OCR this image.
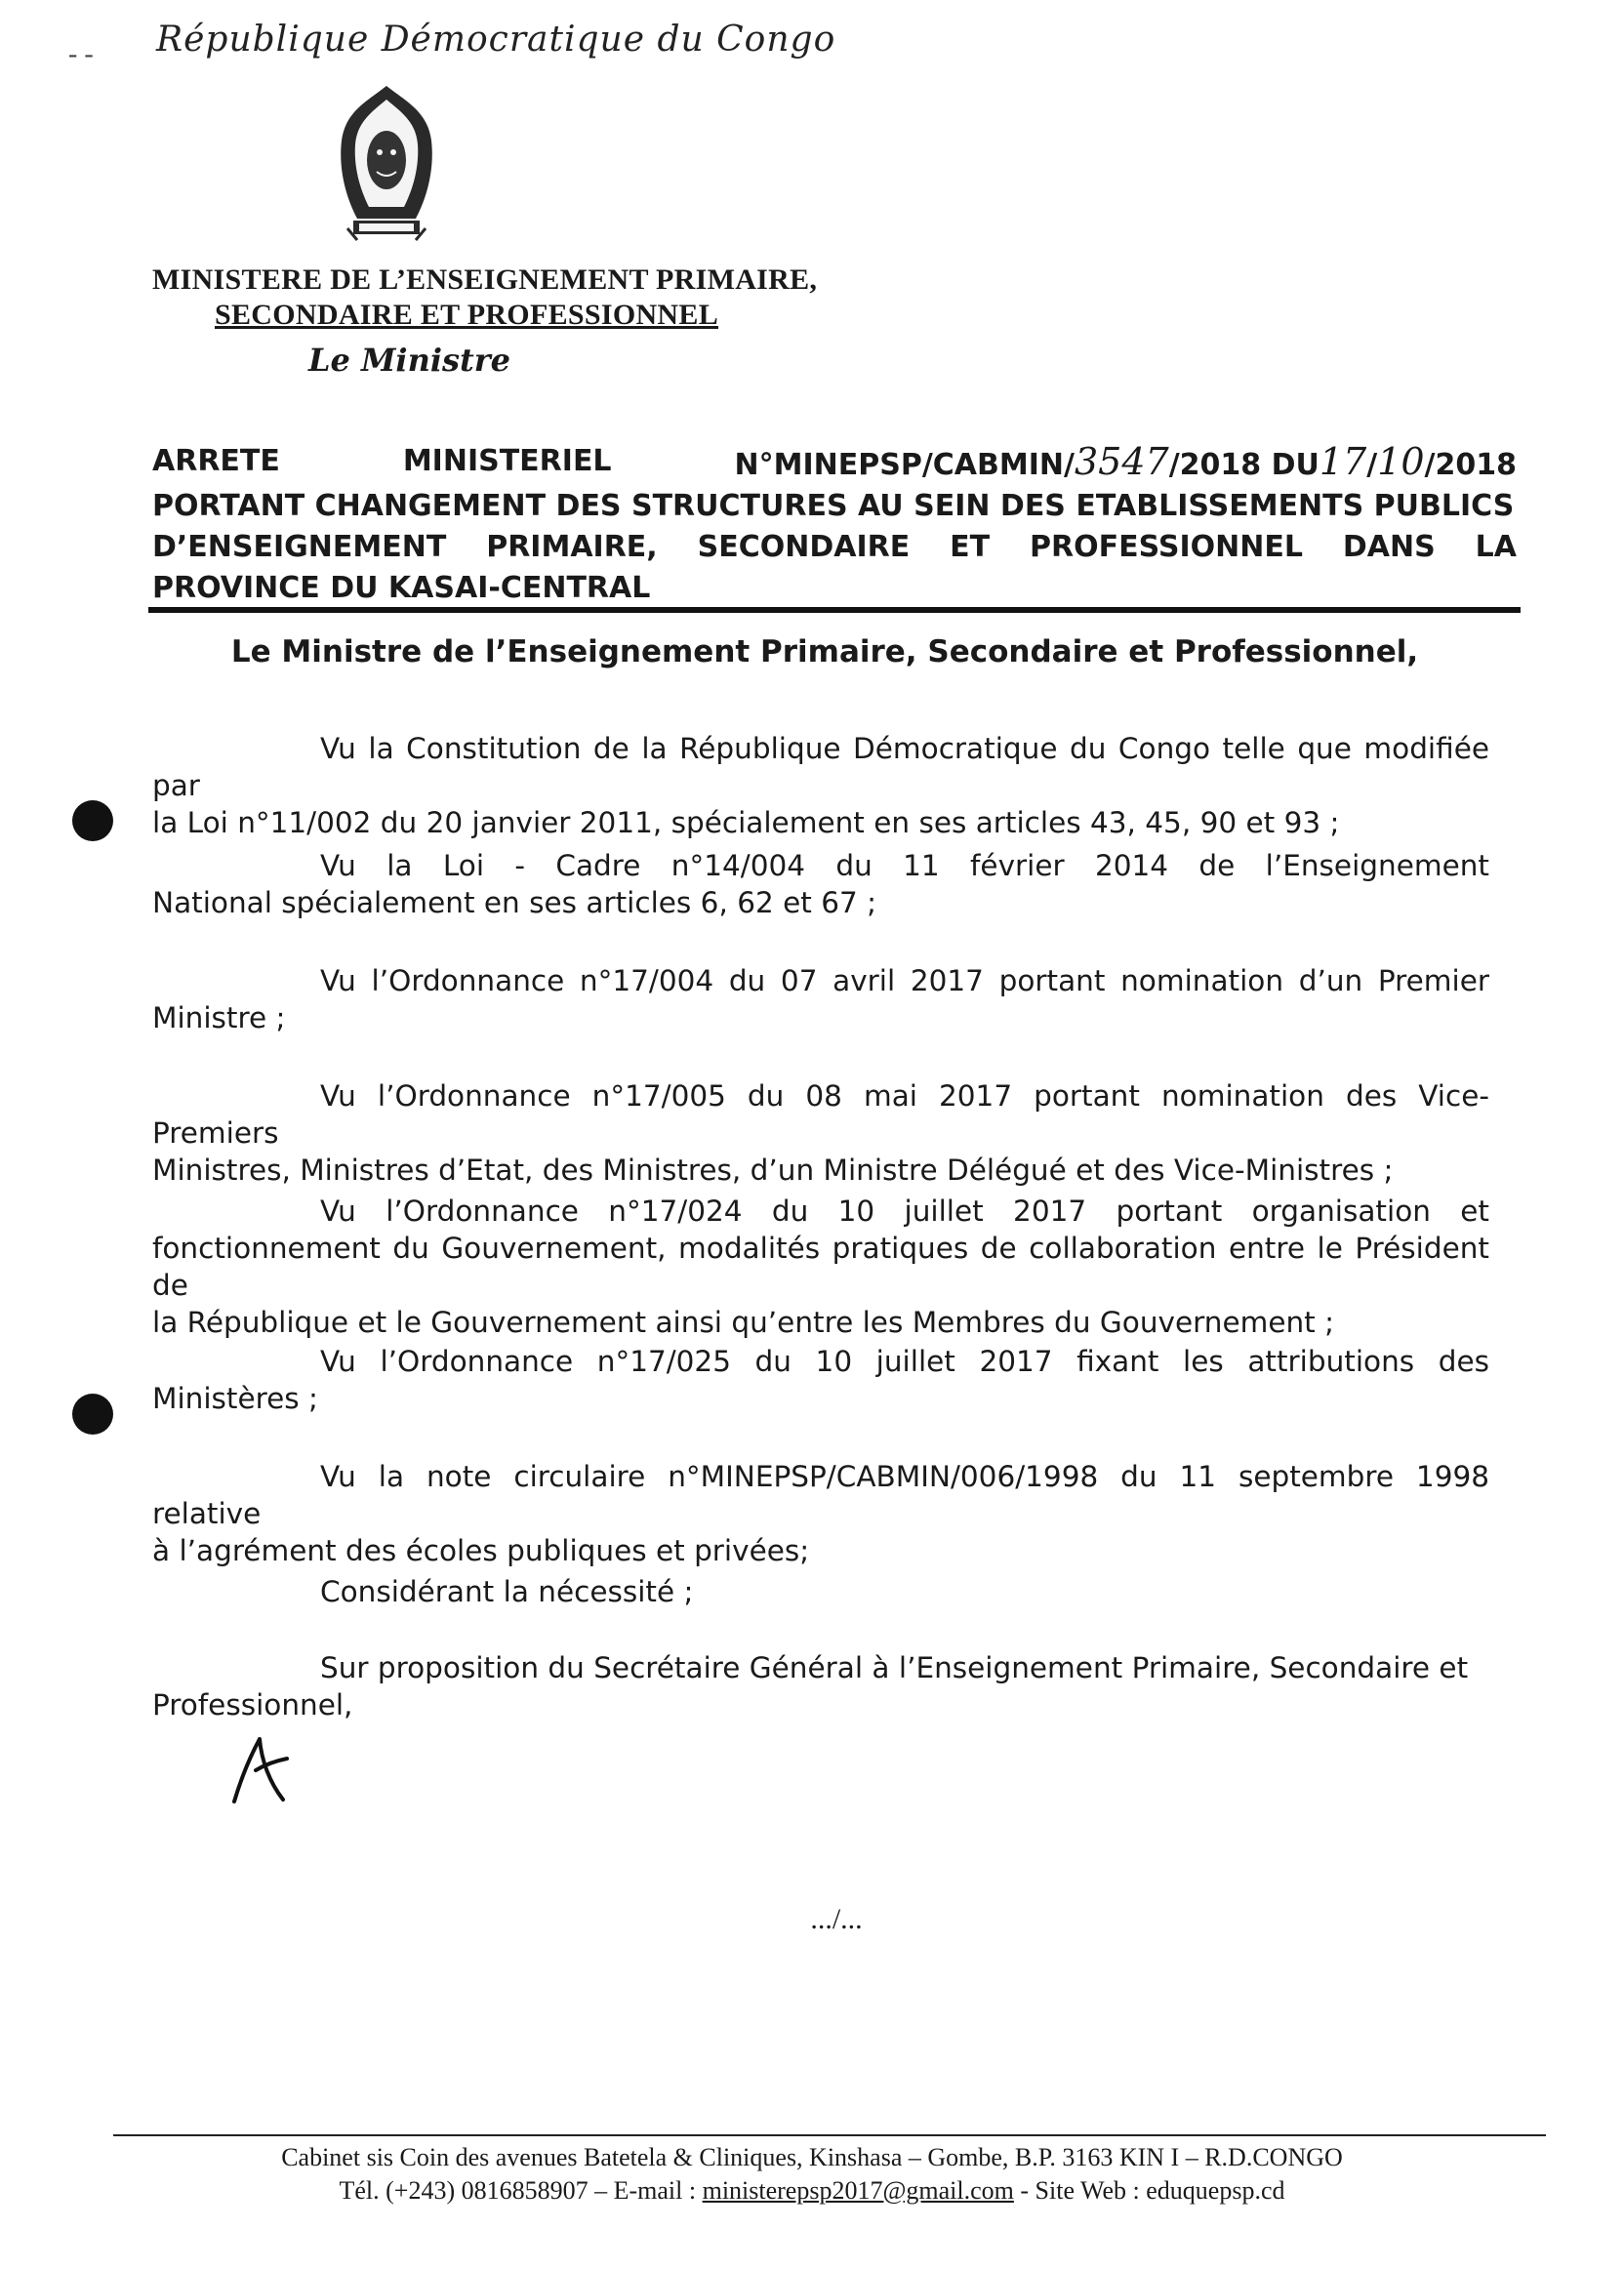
- - République Démocratique du Congo
MINISTERE DE L’ENSEIGNEMENT PRIMAIRE,
SECONDAIRE ET PROFESSIONNEL
Le Ministre
ARRETE	MINISTERIEL	N°MINEPSP/CABMIN/3547/2018 DU17/10/2018
PORTANT CHANGEMENT DES STRUCTURES AU SEIN DES ETABLISSEMENTS PUBLICS
D’ENSEIGNEMENT PRIMAIRE, SECONDAIRE ET PROFESSIONNEL DANS LA
PROVINCE DU KASAI-CENTRAL
Le Ministre de l’Enseignement Primaire, Secondaire et Professionnel,
Vu la Constitution de la République Démocratique du Congo telle que modifiée par
la Loi n°11/002 du 20 janvier 2011, spécialement en ses articles 43, 45, 90 et 93 ;
Vu la Loi - Cadre n°14/004 du 11 février 2014 de l’Enseignement
National spécialement en ses articles 6, 62 et 67 ;
Vu l’Ordonnance n°17/004 du 07 avril 2017 portant nomination d’un Premier
Ministre ;
Vu l’Ordonnance n°17/005 du 08 mai 2017 portant nomination des Vice-Premiers
Ministres, Ministres d’Etat, des Ministres, d’un Ministre Délégué et des Vice-Ministres ;
Vu l’Ordonnance n°17/024 du 10 juillet 2017 portant organisation et
fonctionnement du Gouvernement, modalités pratiques de collaboration entre le Président de
la République et le Gouvernement ainsi qu’entre les Membres du Gouvernement ;
Vu l’Ordonnance n°17/025 du 10 juillet 2017 fixant les attributions des
Ministères ;
Vu la note circulaire n°MINEPSP/CABMIN/006/1998 du 11 septembre 1998 relative
à l’agrément des écoles publiques et privées;
Considérant la nécessité ;
Sur proposition du Secrétaire Général à l’Enseignement Primaire, Secondaire et
Professionnel,
.../...
Cabinet sis Coin des avenues Batetela & Cliniques, Kinshasa – Gombe, B.P. 3163 KIN I – R.D.CONGO
Tél. (+243) 0816858907 – E-mail : ministerepsp2017@gmail.com - Site Web : eduquepsp.cd
